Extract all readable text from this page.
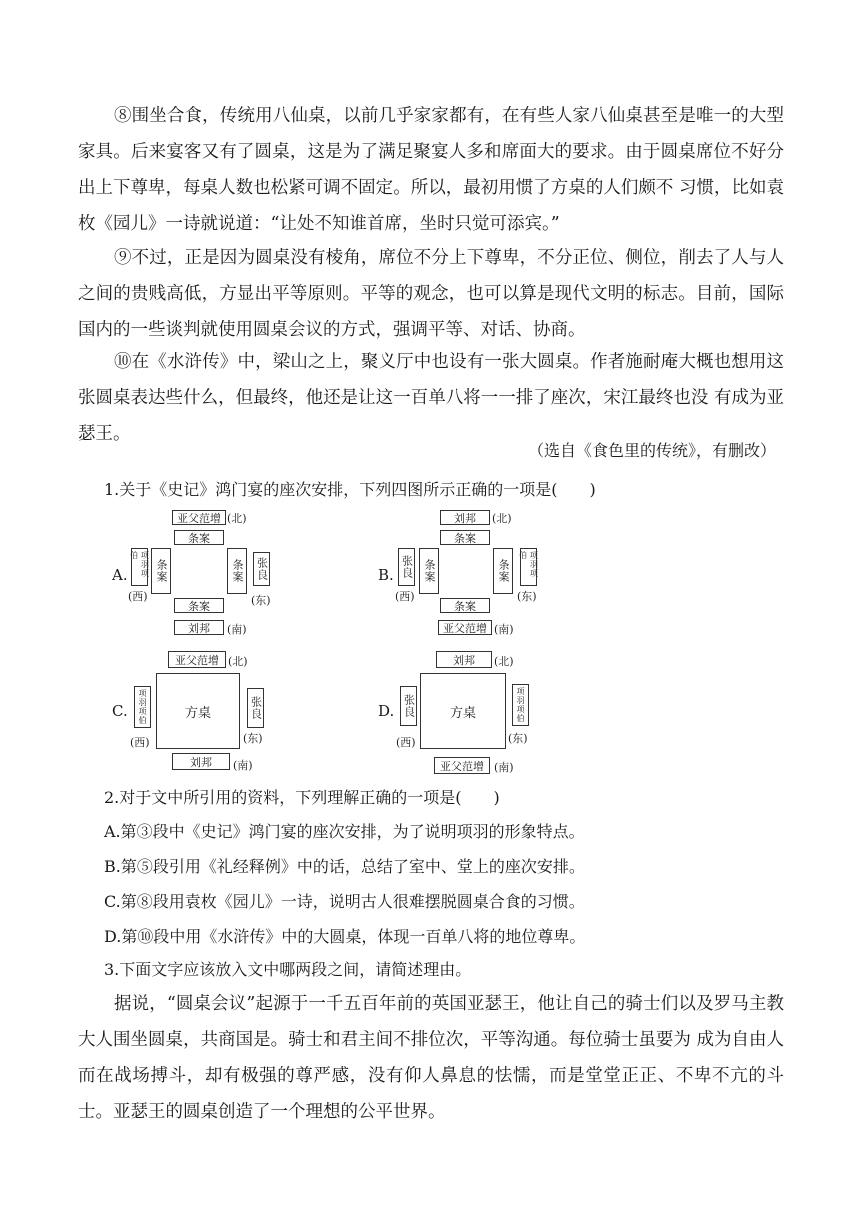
⑧围坐合食，传统用八仙桌，以前几乎家家都有，在有些人家八仙桌甚至是唯一的大型家具。后来宴客又有了圆桌，这是为了满足聚宴人多和席面大的要求。由于圆桌席位不好分出上下尊卑，每桌人数也松紧可调不固定。所以，最初用惯了方桌的人们颇不 习惯，比如袁枚《园儿》一诗就说道：“让处不知谁首席，坐时只觉可添宾。”

⑨不过，正是因为圆桌没有棱角，席位不分上下尊卑，不分正位、侧位，削去了人与人之间的贵贱高低，方显出平等原则。平等的观念，也可以算是现代文明的标志。目前，国际国内的一些谈判就使用圆桌会议的方式，强调平等、对话、协商。

⑩在《水浒传》中，梁山之上，聚义厅中也设有一张大圆桌。作者施耐庵大概也想用这张圆桌表达些什么，但最终，他还是让这一百单八将一一排了座次，宋江最终也没 有成为亚瑟王。

（选自《食色里的传统》，有删改）

1.关于《史记》鸿门宴的座次安排，下列四图所示正确的一项是(　　)

A.
亚父范增 (北)
条案
项羽项伯
(西)
条案	条案 张良
(东)
条案
刘邦	(南)
B.
刘邦	(北)
条案
张良
(西)
条案	条案	项羽项伯
(东)
条案
亚父范增 (南)
C.
亚父范增 (北)
项羽项伯
(西)
方桌	张良
(东)
刘邦	(南)
D.
刘邦	(北)
张良
(西)
方桌	项羽项伯
(东)
亚父范增 (南)

2.对于文中所引用的资料，下列理解正确的一项是(　　)

A.第③段中《史记》鸿门宴的座次安排，为了说明项羽的形象特点。

B.第⑤段引用《礼经释例》中的话，总结了室中、堂上的座次安排。

C.第⑧段用袁枚《园儿》一诗，说明古人很难摆脱圆桌合食的习惯。

D.第⑩段中用《水浒传》中的大圆桌，体现一百单八将的地位尊卑。

3.下面文字应该放入文中哪两段之间，请简述理由。

据说，“圆桌会议”起源于一千五百年前的英国亚瑟王，他让自己的骑士们以及罗马主教大人围坐圆桌，共商国是。骑士和君主间不排位次，平等沟通。每位骑士虽要为 成为自由人而在战场搏斗，却有极强的尊严感，没有仰人鼻息的怯懦，而是堂堂正正、不卑不亢的斗士。亚瑟王的圆桌创造了一个理想的公平世界。
